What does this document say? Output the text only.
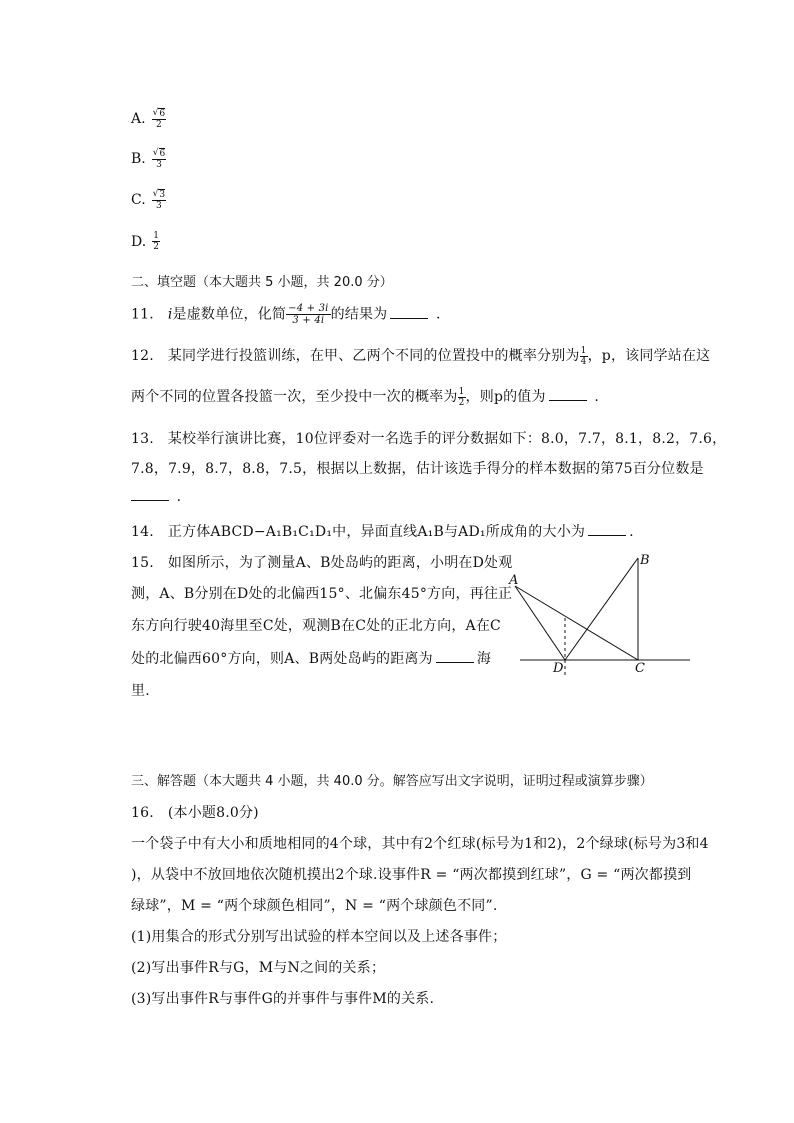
A. $\frac{√ 6}{2}$
B. $\frac{√ 6}{3}$
C. $\frac{√ 3}{3}$
D. $\frac{1}{2}$
二、填空题（本大题共 5 小题，共 20.0 分）
11. i是虚数单位，化简 $\frac{-4 + 3i}{3 + 4i}$ 的结果为	.
12. 某同学进行投篮训练，在甲、乙两个不同的位置投中的概率分别为 $\frac{1}{4}$ ，p，该同学站在这
两个不同的位置各投篮一次，至少投中一次的概率为 $\frac{1}{2}$ ，则p的值为	.
13. 某校举行演讲比赛，10位评委对一名选手的评分数据如下：8.0，7.7，8.1，8.2，7.6，
7.8，7.9，8.7，8.8，7.5，根据以上数据，估计该选手得分的样本数据的第75百分位数是
.
14. 正方体ABCD−A₁B₁C₁D₁中，异面直线A₁B与AD₁所成角的大小为	.
15. 如图所示，为了测量A、B处岛屿的距离，小明在D处观
测，A、B分别在D处的北偏西15°、北偏东45°方向，再往正
东方向行驶40海里至C处，观测B在C处的正北方向，A在C
处的北偏西60°方向，则A、B两处岛屿的距离为	海
里.
A
B
C
D
三、解答题（本大题共 4 小题，共 40.0 分。解答应写出文字说明，证明过程或演算步骤）
16. (本小题8.0分)
一个袋子中有大小和质地相同的4个球，其中有2个红球(标号为1和2)，2个绿球(标号为3和4
)，从袋中不放回地依次随机摸出2个球.设事件R = “两次都摸到红球”，G = “两次都摸到
绿球”，M = “两个球颜色相同”，N = “两个球颜色不同”.
(1)用集合的形式分别写出试验的样本空间以及上述各事件；
(2)写出事件R与G，M与N之间的关系；
(3)写出事件R与事件G的并事件与事件M的关系.
